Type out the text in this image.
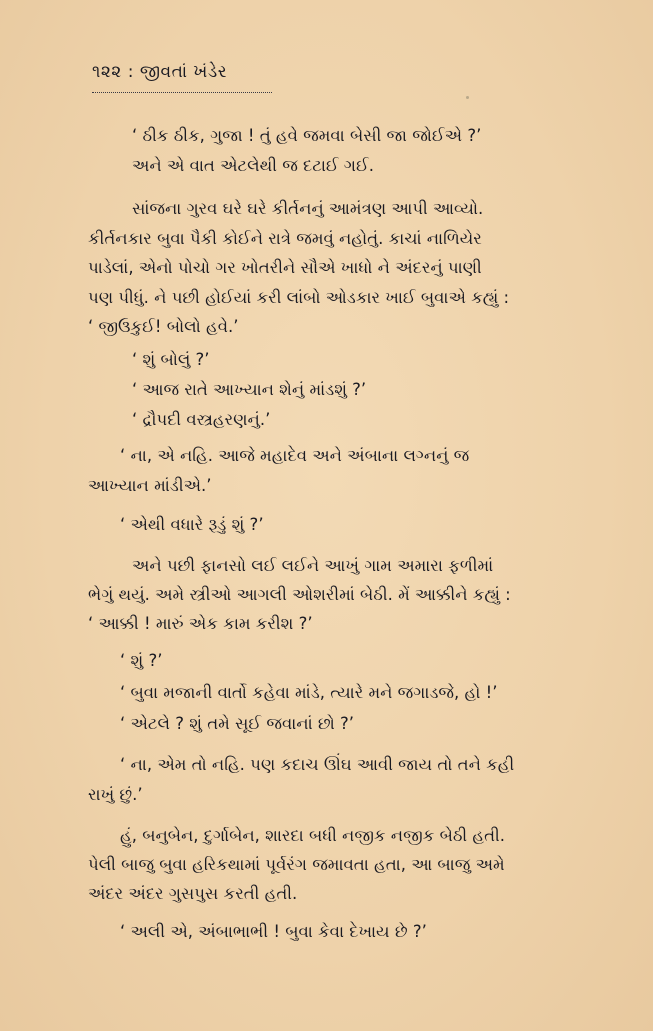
૧૨૨ : જીવતાં ખંડેર
‘ ઠીક ઠીક, ગુજા ! તું હવે જમવા બેસી જા જોઈએ ?’
અને એ વાત એટલેથી જ દટાઈ ગઈ.
સાંજના ગુરવ ઘરે ઘરે કીર્તનનું આમંત્રણ આપી આવ્યો.
કીર્તનકાર બુવા પૈકી કોઈને રાત્રે જમવું નહોતું. કાચાં નાળિયેર
પાડેલાં, એનો પોચો ગર ખોતરીને સૌએ ખાધો ને અંદરનું પાણી
પણ પીધું. ને પછી હોઈયાં કરી લાંબો ઓડકાર ખાઈ બુવાએ કહ્યું :
‘ જીઉકુઈ! બોલો હવે.’
‘ શું બોલું ?’
‘ આજ રાતે આખ્યાન શેનું માંડશું ?’
‘ દ્રૌપદી વસ્ત્રહરણનું.’
‘ ના, એ નહિ. આજે મહાદેવ અને અંબાના લગ્નનું જ
આખ્યાન માંડીએ.’
‘ એથી વધારે રૂડું શું ?’
અને પછી ફાનસો લઈ લઈને આખું ગામ અમારા ફળીમાં
ભેગું થયું. અમે સ્ત્રીઓ આગલી ઓશરીમાં બેઠી. મેં આક્કીને કહ્યું :
‘ આક્કી ! મારું એક કામ કરીશ ?’
‘ શું ?’
‘ બુવા મજાની વાર્તો કહેવા માંડે, ત્યારે મને જગાડજે, હો !’
‘ એટલે ? શું તમે સૂઈ જવાનાં છો ?’
‘ ના, એમ તો નહિ. પણ કદાચ ઊંઘ આવી જાય તો તને કહી
રાખું છું.’
હું, બનુબેન, દુર્ગાબેન, શારદા બધી નજીક નજીક બેઠી હતી.
પેલી બાજુ બુવા હરિકથામાં પૂર્વરંગ જમાવતા હતા, આ બાજુ અમે
અંદર અંદર ગુસપુસ કરતી હતી.
‘ અલી એ, અંબાભાભી ! બુવા કેવા દેખાય છે ?’
